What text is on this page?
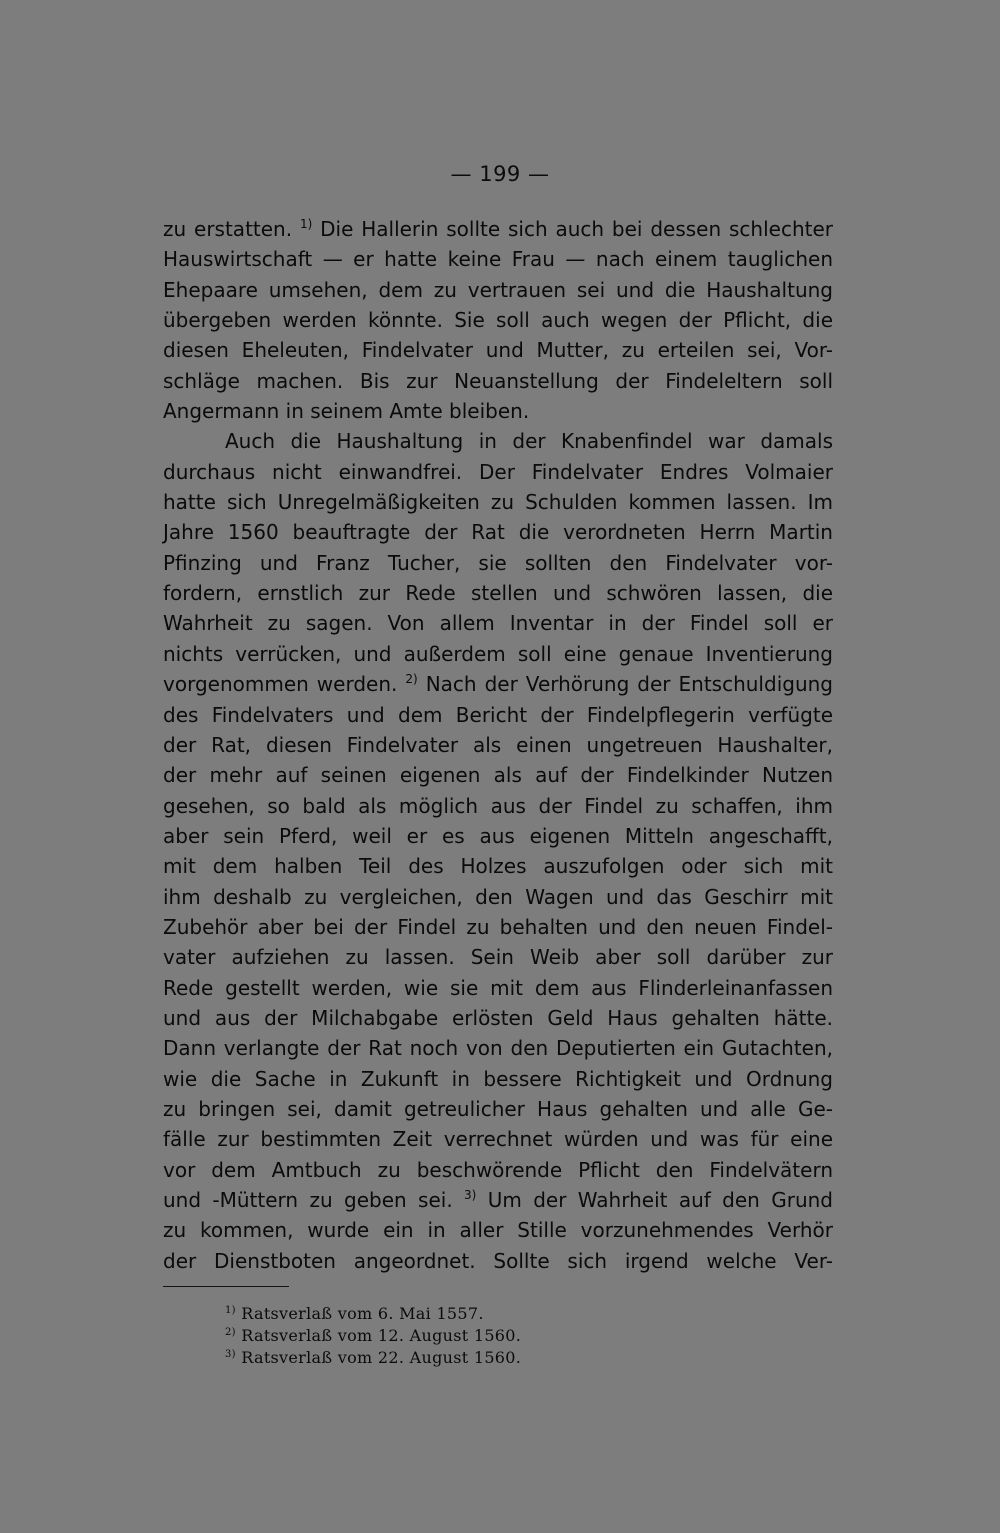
— 199 —
zu erstatten. $^{1)}$ Die Hallerin sollte sich auch bei dessen schlechter
Hauswirtschaft — er hatte keine Frau — nach einem tauglichen
Ehepaare umsehen, dem zu vertrauen sei und die Haushaltung
übergeben werden könnte. Sie soll auch wegen der Pflicht, die
diesen Eheleuten, Findelvater und Mutter, zu erteilen sei, Vor-
schläge machen. Bis zur Neuanstellung der Findeleltern soll
Angermann in seinem Amte bleiben.
Auch die Haushaltung in der Knabenfindel war damals
durchaus nicht einwandfrei. Der Findelvater Endres Volmaier
hatte sich Unregelmäßigkeiten zu Schulden kommen lassen. Im
Jahre 1560 beauftragte der Rat die verordneten Herrn Martin
Pfinzing und Franz Tucher, sie sollten den Findelvater vor-
fordern, ernstlich zur Rede stellen und schwören lassen, die
Wahrheit zu sagen. Von allem Inventar in der Findel soll er
nichts verrücken, und außerdem soll eine genaue Inventierung
vorgenommen werden. $^{2)}$ Nach der Verhörung der Entschuldigung
des Findelvaters und dem Bericht der Findelpflegerin verfügte
der Rat, diesen Findelvater als einen ungetreuen Haushalter,
der mehr auf seinen eigenen als auf der Findelkinder Nutzen
gesehen, so bald als möglich aus der Findel zu schaffen, ihm
aber sein Pferd, weil er es aus eigenen Mitteln angeschafft,
mit dem halben Teil des Holzes auszufolgen oder sich mit
ihm deshalb zu vergleichen, den Wagen und das Geschirr mit
Zubehör aber bei der Findel zu behalten und den neuen Findel-
vater aufziehen zu lassen. Sein Weib aber soll darüber zur
Rede gestellt werden, wie sie mit dem aus Flinderleinanfassen
und aus der Milchabgabe erlösten Geld Haus gehalten hätte.
Dann verlangte der Rat noch von den Deputierten ein Gutachten,
wie die Sache in Zukunft in bessere Richtigkeit und Ordnung
zu bringen sei, damit getreulicher Haus gehalten und alle Ge-
fälle zur bestimmten Zeit verrechnet würden und was für eine
vor dem Amtbuch zu beschwörende Pflicht den Findelvätern
und -Müttern zu geben sei. $^{3)}$ Um der Wahrheit auf den Grund
zu kommen, wurde ein in aller Stille vorzunehmendes Verhör
der Dienstboten angeordnet. Sollte sich irgend welche Ver-
$^{1)}$ Ratsverlaß vom 6. Mai 1557.
$^{2)}$ Ratsverlaß vom 12. August 1560.
$^{3)}$ Ratsverlaß vom 22. August 1560.
